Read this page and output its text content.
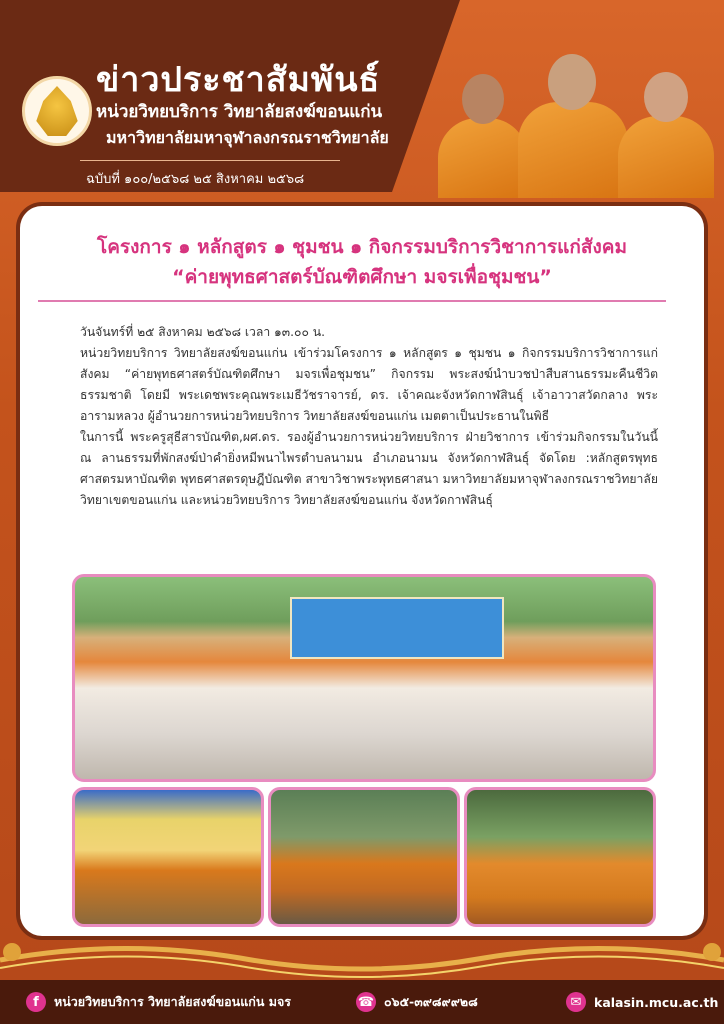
ข่าวประชาสัมพันธ์
หน่วยวิทยบริการ วิทยาลัยสงฆ์ขอนแก่น
มหาวิทยาลัยมหาจุฬาลงกรณราชวิทยาลัย
ฉบับที่ ๑๐๐/๒๕๖๘ ๒๕ สิงหาคม ๒๕๖๘
โครงการ ๑ หลักสูตร ๑ ชุมชน ๑ กิจกรรมบริการวิชาการแก่สังคม
“ค่ายพุทธศาสตร์บัณฑิตศึกษา มจรเพื่อชุมชน”

วันจันทร์ที่ ๒๕ สิงหาคม ๒๕๖๘ เวลา ๑๓.๐๐ น.

หน่วยวิทยบริการ วิทยาลัยสงฆ์ขอนแก่น เข้าร่วมโครงการ ๑ หลักสูตร ๑ ชุมชน ๑ กิจกรรมบริการวิชาการแก่สังคม “ค่ายพุทธศาสตร์บัณฑิตศึกษา มจรเพื่อชุมชน” กิจกรรม พระสงฆ์นำบวชป่าสืบสานธรรมะคืนชีวิตธรรมชาติ โดยมี พระเดชพระคุณพระเมธีวัชราจารย์, ดร. เจ้าคณะจังหวัดกาฬสินธุ์ เจ้าอาวาสวัดกลาง พระอารามหลวง ผู้อำนวยการหน่วยวิทยบริการ วิทยาลัยสงฆ์ขอนแก่น เมตตาเป็นประธานในพิธี

ในการนี้ พระครูสุธีสารบัณฑิต,ผศ.ดร. รองผู้อำนวยการหน่วยวิทยบริการ ฝ่ายวิชาการ เข้าร่วมกิจกรรมในวันนี้ ณ ลานธรรมที่พักสงฆ์ป่าคำยิ่งหมีพนาไพรตำบลนามน อำเภอนามน จังหวัดกาฬสินธุ์ จัดโดย :หลักสูตรพุทธศาสตรมหาบัณฑิต พุทธศาสตรดุษฎีบัณฑิต สาขาวิชาพระพุทธศาสนา มหาวิทยาลัยมหาจุฬาลงกรณราชวิทยาลัย วิทยาเขตขอนแก่น และหน่วยวิทยบริการ วิทยาลัยสงฆ์ขอนแก่น จังหวัดกาฬสินธุ์

f	หน่วยวิทยบริการ วิทยาลัยสงฆ์ขอนแก่น มจร	☎ ๐๖๕-๓๙๘๙๙๒๘	✉	kalasin.mcu.ac.th
